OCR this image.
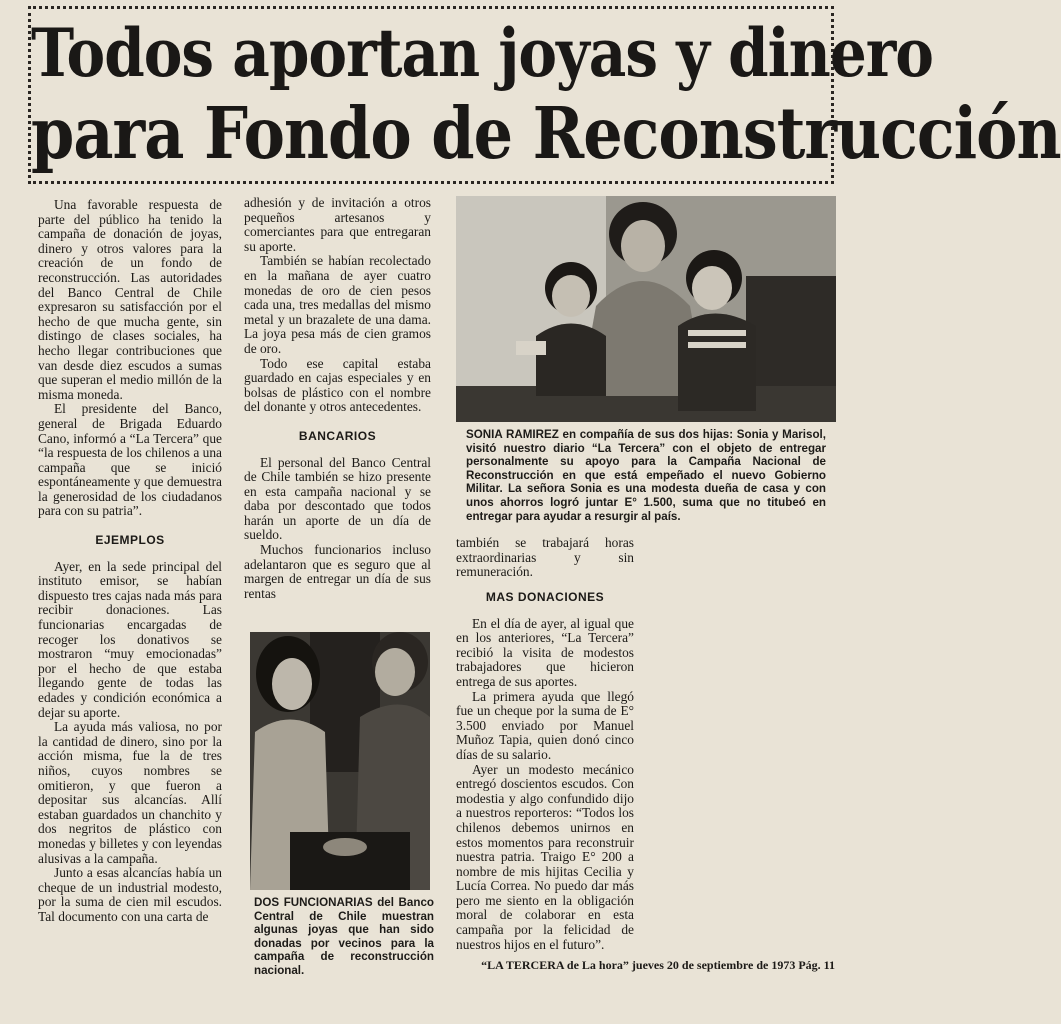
Todos aportan joyas y dinero
para Fondo de Reconstrucción

Una favorable respuesta de parte del público ha tenido la campaña de donación de joyas, dinero y otros valores para la creación de un fondo de reconstrucción. Las autoridades del Banco Central de Chile expresaron su satisfacción por el hecho de que mucha gente, sin distingo de clases sociales, ha hecho llegar contribuciones que van desde diez escudos a sumas que superan el medio millón de la misma moneda.

El presidente del Banco, general de Brigada Eduardo Cano, informó a “La Tercera” que “la respuesta de los chilenos a una campaña que se inició espontáneamente y que demuestra la generosidad de los ciudadanos para con su patria”.

EJEMPLOS

Ayer, en la sede principal del instituto emisor, se habían dispuesto tres cajas nada más para recibir donaciones. Las funcionarias encargadas de recoger los donativos se mostraron “muy emocionadas” por el hecho de que estaba llegando gente de todas las edades y condición económica a dejar su aporte.

La ayuda más valiosa, no por la cantidad de dinero, sino por la acción misma, fue la de tres niños, cuyos nombres se omitieron, y que fueron a depositar sus alcancías. Allí estaban guardados un chanchito y dos negritos de plástico con monedas y billetes y con leyendas alusivas a la campaña.

Junto a esas alcancías había un cheque de un industrial modesto, por la suma de cien mil escudos. Tal documento con una carta de

adhesión y de invitación a otros pequeños artesanos y comerciantes para que entregaran su aporte.

También se habían recolectado en la mañana de ayer cuatro monedas de oro de cien pesos cada una, tres medallas del mismo metal y un brazalete de una dama. La joya pesa más de cien gramos de oro.

Todo ese capital estaba guardado en cajas especiales y en bolsas de plástico con el nombre del donante y otros antecedentes.

BANCARIOS

El personal del Banco Central de Chile también se hizo presente en esta campaña nacional y se daba por descontado que todos harán un aporte de un día de sueldo.

Muchos funcionarios incluso adelantaron que es seguro que al margen de entregar un día de sus rentas

SONIA RAMIREZ en compañía de sus dos hijas: Sonia y Marisol, visitó nuestro diario “La Tercera” con el objeto de entregar personalmente su apoyo para la Campaña Nacional de Reconstrucción en que está empeñado el nuevo Gobierno Militar. La señora Sonia es una modesta dueña de casa y con unos ahorros logró juntar E° 1.500, suma que no titubeó en entregar para ayudar a resurgir al país.

también se trabajará horas extraordinarias y sin remuneración.

MAS DONACIONES

En el día de ayer, al igual que en los anteriores, “La Tercera” recibió la visita de modestos trabajadores que hicieron entrega de sus aportes.

La primera ayuda que llegó fue un cheque por la suma de E° 3.500 enviado por Manuel Muñoz Tapia, quien donó cinco días de su salario.

Ayer un modesto mecánico entregó doscientos escudos. Con modestia y algo confundido dijo a nuestros reporteros: “Todos los chilenos debemos unirnos en estos momentos para reconstruir nuestra patria. Traigo E° 200 a nombre de mis hijitas Cecilia y Lucía Correa. No puedo dar más pero me siento en la obligación moral de colaborar en esta campaña por la felicidad de nuestros hijos en el futuro”.

DOS FUNCIONARIAS del Banco Central de Chile muestran algunas joyas que han sido donadas por vecinos para la campaña de reconstrucción nacional.	“LA TERCERA de La hora” jueves 20 de septiembre de 1973 Pág. 11
